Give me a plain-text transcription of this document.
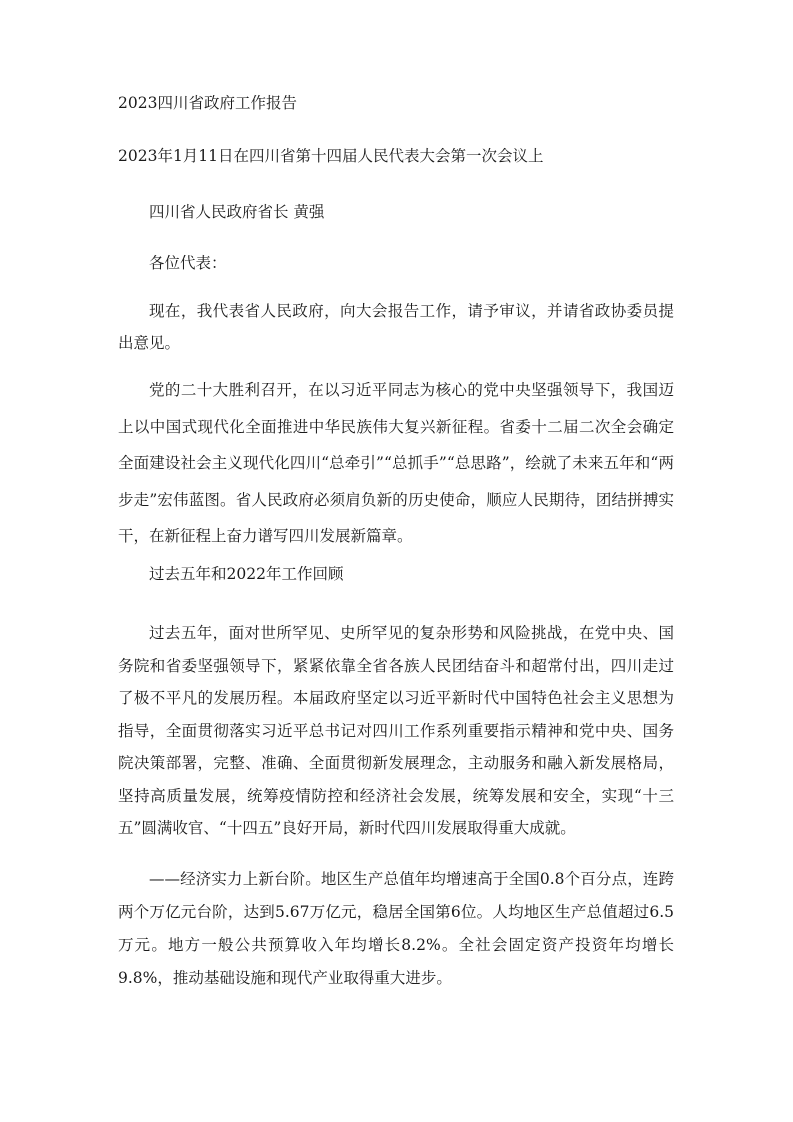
2023四川省政府工作报告

2023年1月11日在四川省第十四届人民代表大会第一次会议上

四川省人民政府省长 黄强

各位代表：

现在，我代表省人民政府，向大会报告工作，请予审议，并请省政协委员提出意见。

党的二十大胜利召开，在以习近平同志为核心的党中央坚强领导下，我国迈上以中国式现代化全面推进中华民族伟大复兴新征程。省委十二届二次全会确定全面建设社会主义现代化四川“总牵引”“总抓手”“总思路”，绘就了未来五年和“两步走”宏伟蓝图。省人民政府必须肩负新的历史使命，顺应人民期待，团结拼搏实干，在新征程上奋力谱写四川发展新篇章。

过去五年和2022年工作回顾

过去五年，面对世所罕见、史所罕见的复杂形势和风险挑战，在党中央、国务院和省委坚强领导下，紧紧依靠全省各族人民团结奋斗和超常付出，四川走过了极不平凡的发展历程。本届政府坚定以习近平新时代中国特色社会主义思想为指导，全面贯彻落实习近平总书记对四川工作系列重要指示精神和党中央、国务院决策部署，完整、准确、全面贯彻新发展理念，主动服务和融入新发展格局，坚持高质量发展，统筹疫情防控和经济社会发展，统筹发展和安全，实现“十三五”圆满收官、“十四五”良好开局，新时代四川发展取得重大成就。

——经济实力上新台阶。地区生产总值年均增速高于全国0.8个百分点，连跨两个万亿元台阶，达到5.67万亿元，稳居全国第6位。人均地区生产总值超过6.5万元。地方一般公共预算收入年均增长8.2%。全社会固定资产投资年均增长9.8%，推动基础设施和现代产业取得重大进步。
